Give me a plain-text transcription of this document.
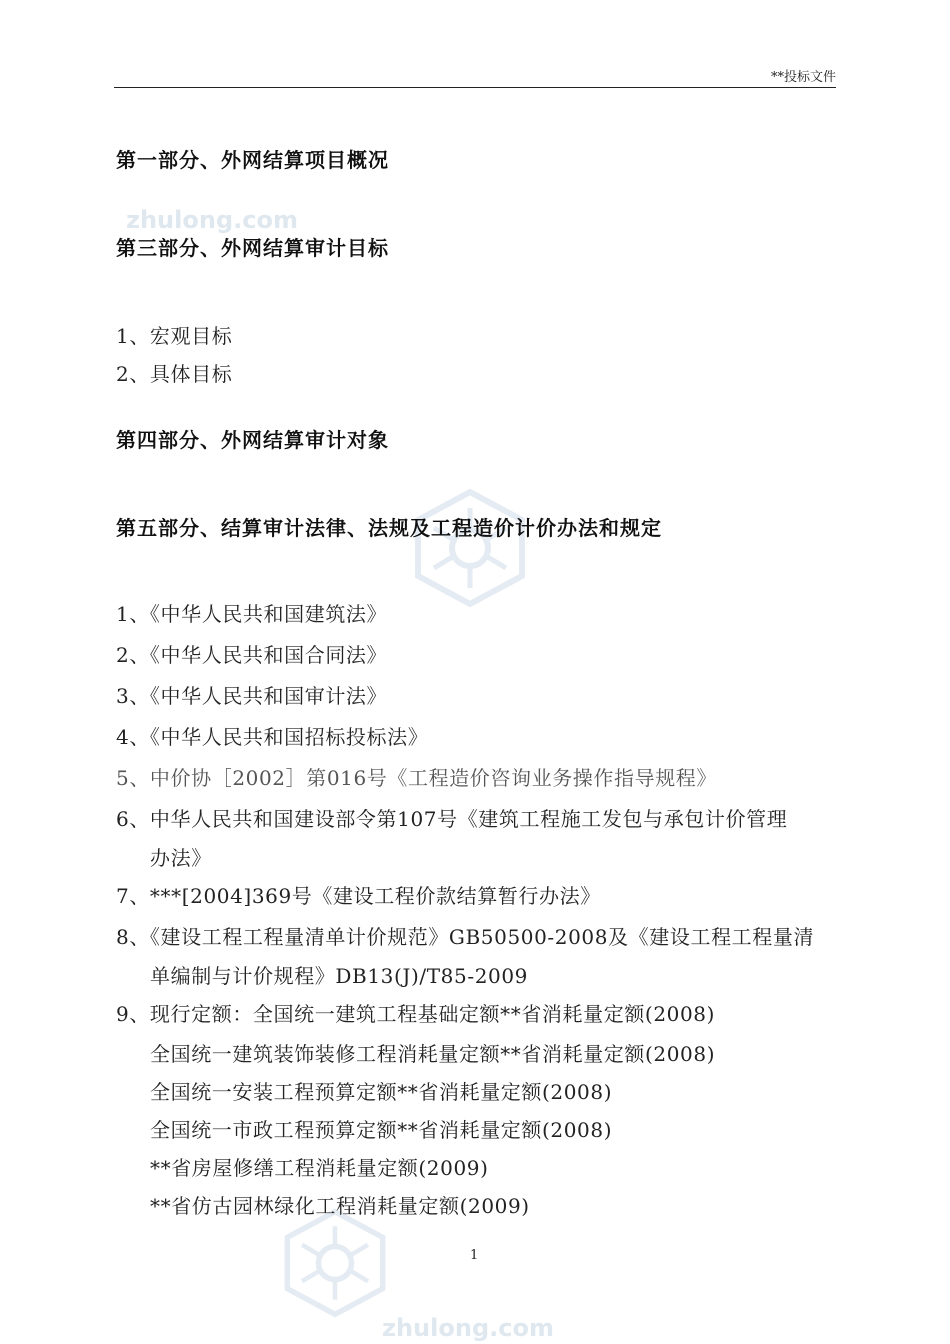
zhulong.com
zhulong.com
**投标文件
第一部分、外网结算项目概况
第三部分、外网结算审计目标
1、宏观目标
2、具体目标
第四部分、外网结算审计对象
第五部分、结算审计法律、法规及工程造价计价办法和规定
1、《中华人民共和国建筑法》
2、《中华人民共和国合同法》
3、《中华人民共和国审计法》
4、《中华人民共和国招标投标法》
5、中价协［2002］第016号《工程造价咨询业务操作指导规程》
6、中华人民共和国建设部令第107号《建筑工程施工发包与承包计价管理
办法》
7、***[2004]369号《建设工程价款结算暂行办法》
8、《建设工程工程量清单计价规范》GB50500-2008及《建设工程工程量清
单编制与计价规程》DB13(J)/T85-2009
9、现行定额：全国统一建筑工程基础定额**省消耗量定额(2008)
全国统一建筑装饰装修工程消耗量定额**省消耗量定额(2008)
全国统一安装工程预算定额**省消耗量定额(2008)
全国统一市政工程预算定额**省消耗量定额(2008)
**省房屋修缮工程消耗量定额(2009)
**省仿古园林绿化工程消耗量定额(2009)
1
